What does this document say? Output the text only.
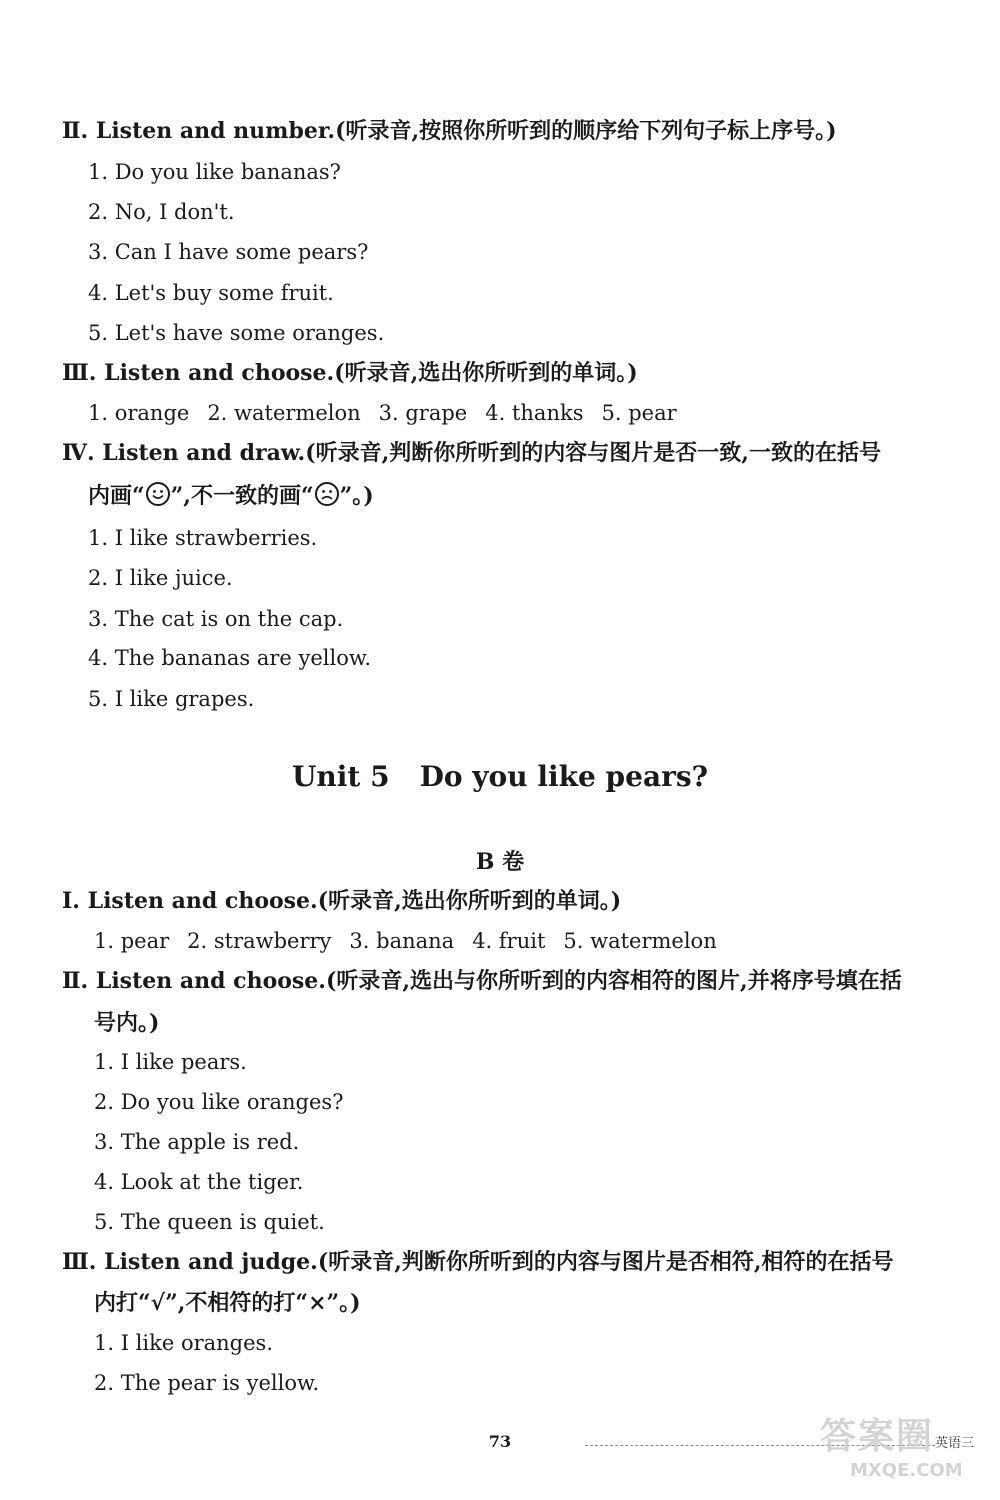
Ⅱ. Listen and number.(听录音,按照你所听到的顺序给下列句子标上序号。)
1. Do you like bananas?
2. No, I don't.
3. Can I have some pears?
4. Let's buy some fruit.
5. Let's have some oranges.
Ⅲ. Listen and choose.(听录音,选出你所听到的单词。)
1. orange 2. watermelon 3. grape 4. thanks 5. pear
Ⅳ. Listen and draw.(听录音,判断你所听到的内容与图片是否一致,一致的在括号
内画“ ”,不一致的画“ ”。)
1. I like strawberries.
2. I like juice.
3. The cat is on the cap.
4. The bananas are yellow.
5. I like grapes.
Unit 5 Do you like pears?
B 卷
Ⅰ. Listen and choose.(听录音,选出你所听到的单词。)
1. pear 2. strawberry 3. banana 4. fruit 5. watermelon
Ⅱ. Listen and choose.(听录音,选出与你所听到的内容相符的图片,并将序号填在括
号内。)
1. I like pears.
2. Do you like oranges?
3. The apple is red.
4. Look at the tiger.
5. The queen is quiet.
Ⅲ. Listen and judge.(听录音,判断你所听到的内容与图片是否相符,相符的在括号
内打“√”,不相符的打“×”。)
1. I like oranges.
2. The pear is yellow.
73	答案圈
MXQE.COM
英语三
